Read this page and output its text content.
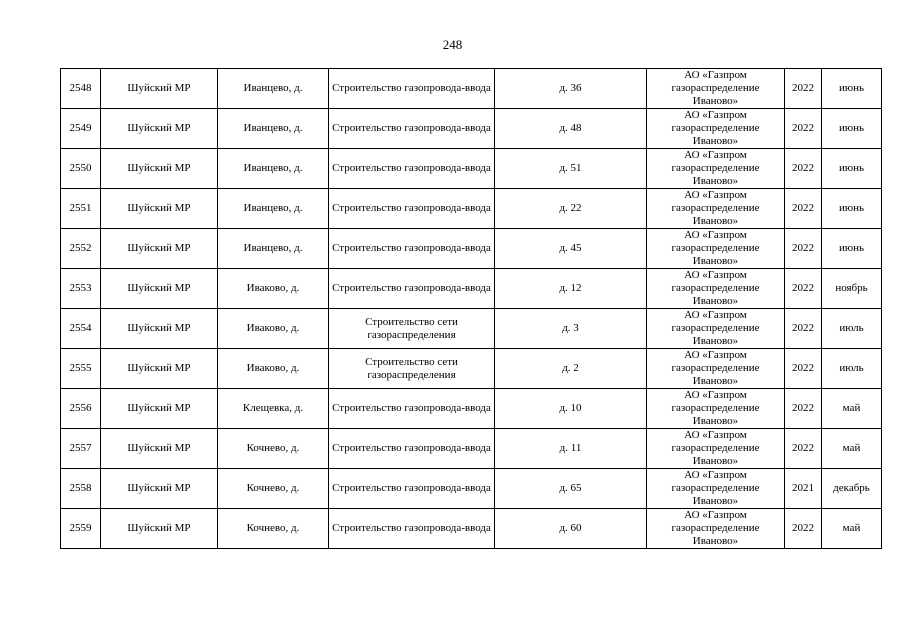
248
2548	Шуйский МР	Иванцево, д.	Строительство газопровода-ввода	д. 36	АО «Газпром
газораспределение
Иваново»	2022	июнь
2549	Шуйский МР	Иванцево, д.	Строительство газопровода-ввода	д. 48	АО «Газпром
газораспределение
Иваново»	2022	июнь
2550	Шуйский МР	Иванцево, д.	Строительство газопровода-ввода	д. 51	АО «Газпром
газораспределение
Иваново»	2022	июнь
2551	Шуйский МР	Иванцево, д.	Строительство газопровода-ввода	д. 22	АО «Газпром
газораспределение
Иваново»	2022	июнь
2552	Шуйский МР	Иванцево, д.	Строительство газопровода-ввода	д. 45	АО «Газпром
газораспределение
Иваново»	2022	июнь
2553	Шуйский МР	Иваково, д.	Строительство газопровода-ввода	д. 12	АО «Газпром
газораспределение
Иваново»	2022	ноябрь
2554	Шуйский МР	Иваково, д.	Строительство сети газораспределения	д. 3	АО «Газпром
газораспределение
Иваново»	2022	июль
2555	Шуйский МР	Иваково, д.	Строительство сети газораспределения	д. 2	АО «Газпром
газораспределение
Иваново»	2022	июль
2556	Шуйский МР	Клещевка, д.	Строительство газопровода-ввода	д. 10	АО «Газпром
газораспределение
Иваново»	2022	май
2557	Шуйский МР	Кочнево, д.	Строительство газопровода-ввода	д. 11	АО «Газпром
газораспределение
Иваново»	2022	май
2558	Шуйский МР	Кочнево, д.	Строительство газопровода-ввода	д. 65	АО «Газпром
газораспределение
Иваново»	2021	декабрь
2559	Шуйский МР	Кочнево, д.	Строительство газопровода-ввода	д. 60	АО «Газпром
газораспределение
Иваново»	2022	май
